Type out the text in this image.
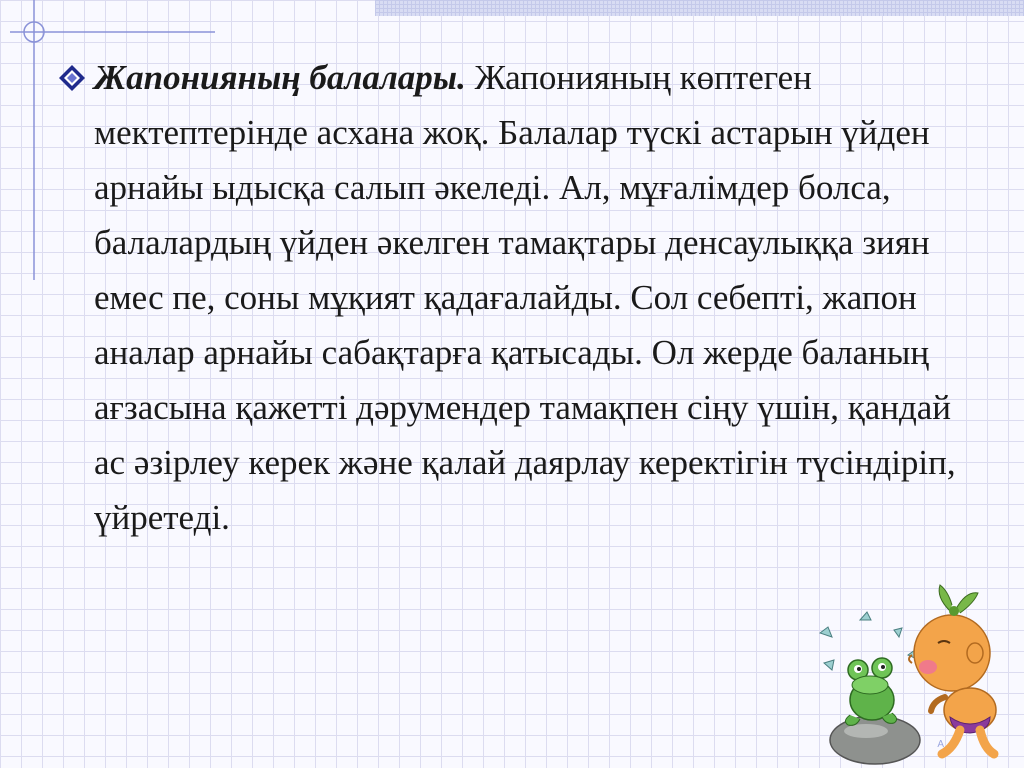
Жапонияның балалары. Жапонияның көптеген мектептерінде асхана жоқ. Балалар түскі астарын үйден арнайы ыдысқа салып әкеледі. Ал, мұғалімдер болса, балалардың үйден әкелген тамақтары денсаулыққа зиян емес пе, соны мұқият қадағалайды. Сол себепті, жапон аналар арнайы сабақтарға қатысады. Ол жерде баланың ағзасына қажетті дәрумендер тамақпен сіңу үшін, қандай ас әзірлеу керек және қалай даярлау керектігін түсіндіріп, үйретеді.
А
